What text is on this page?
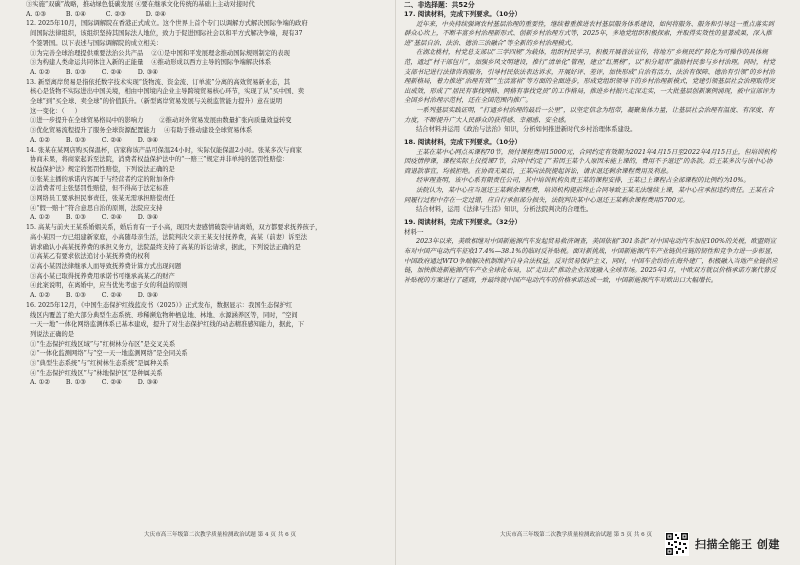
③实施“双碳”战略，推动绿色低碳发展 ④要在继承文化传统的基础上主动对接时代

A. ①③          B. ①④          C. ②③          D. ②④

12. 2025年10月，国际调解院在香港正式成立。这个世界上首个专门以调解方式解决国际争端的政府

间国际法律组织，该组织坚持其国际法人地位，致力于促进国际社会以和平方式解决争端，现有37

个签署国。以下表述与国际调解院的成立相关：

①为完善全球治理提供重要法治公共产品    ②①是中国和平发展理念推动国际规则制定的表现

③为构建人类命运共同体注入新的正能量    ④推动形成以西方主导的国际争端解决体系

A. ①②        B. ①③        C. ②④        D. ③④

13. 新型离岸贸易是指依托数字技术实现“货物流、资金流、订单流”分离的高效贸易新业态，其

核心是货物不实际进出中国关境，相由中国境内企业主导跨境贸易核心环节，实现了从“买中国、卖

全球”到“买全球、卖全球”的价值跃升。（新型离岸贸易发展与关税监管能力提升）意在说明

这一变化：（     ）

①进一步提升在全球贸易格局中的影响力        ②推动对外贸易发展由数量扩张向质量效益转变

③优化贸易流程提升了服务全球资源配置能力    ④有助于推动建设全球贸易体系

A. ①②        B. ①③        C. ②④        D. ③④

14. 张某在某网店购买保温杯，店家称该产品可保温24小时，实际仅能保温2小时。张某多次与商家

协商未果，将商家起诉至法院，消费者权益保护法中的“一赔三”规定并非单纯的惩罚性赔偿：

权益保护法》规定的惩罚性赔偿，下列说法正确的是

①张某主播的承诺内容属于与经营者约定的附加条件

②消费者可主张惩罚性赔偿，但不得高于法定标准

③网络员工要承担民事责任，张某无需承担赔偿责任

④“假一赔十”符合意思自治的原则，法院应支持

A. ①②        B. ①③        C. ②④        D. ③④

15. 高某与前夫王某系婚姻关系，婚后育有一子小高，现因夫妻感情破裂申请离婚，双方都要求抚养孩子，

高小某因一方已组建新家庭，小高随母亲生活，法院判决父亲王某支付抚养费，高某（前妻）诉至法

请求确认小高某抚养费的承担义务方，法院最终支持了高某的诉讼请求，据此，下列说法正确的是

①高某乙有要求依法追讨小某抚养费的权利

②高小某因法律继承人而导致抚养费计算方式出现问题

③高小某已取得抚养费用承诺书可继承高某乙的财产

④此案说明，在离婚中，应当优先考虑子女的利益的原则

A. ①②        B. ①③        C. ②④        D. ③④

16. 2025年12月，《中国生态保护红线蓝皮书（2025）》正式发布，数据显示：我国生态保护红

线区内覆盖了绝大部分典型生态系统、珍稀濒危物种栖息地、林地、水源涵养区等，同时，“空间

一天一地”一体化网络监测体系已基本建成，提升了对生态保护红线的动态精准感知能力，据此，下

列说法正确的是

①“生态保护红线区域”与“红树林分布区”是交叉关系

②“一体化监测网络”与“空一天一地监测网络”是全同关系

③“典型生态系统”与“红树林生态系统”是属种关系

④“生态保护红线区”与“林地保护区”是种属关系

A. ①②        B. ①③        C. ②④        D. ③④

大庆市高三年级第二次教学质量检测政治试题 第 4 页 共 6 页

二、非选择题：共52分

17. 阅读材料，完成下列要求。（10分）

近年来，中央持续强调农村基层治理的重要性，继续着重推进农村基层服务体系建设，如何将服务、服务和引导这一重点落实到群众心坎上，不断丰富乡村治理新形式、创新乡村治理方式等，2025年，多地党组织积极探索，并取得实效性的显著成果，深入推进“基层自治、法治、德治三治融合”等全新的乡村治理模式。

在湖北桃村，村党总支部以“三学四规”为载体，组织村民学习，积极开展普法宣传，将地方“乡规民约”转化为可操作的具体规范，通过“村干部包片”，加强乡风文明建设，推行“清单化”管理，建立“红黑榜”，以“积分超市”激励村民参与乡村治理。同时，村党支部书记进行法律咨询服务，引导村民依法表达诉求，开展好评、差评，加快形成“自治有活力、法治有保障、德治有引领”的乡村治理新格局，着力推进“治理有效”“生活富裕”等方面的全面进步，形成党组织领导下的乡村治理新模式，党建引领基层社会治理取得突出成效，形成了“居民有事找网格、网格有事找党员”的工作格局，推进乡村振兴走深走实，一大批基层创新案例涌现，被中宣部评为全国乡村治理示范村，还在全国范围内推广。

一系列基层实践证明，“打通乡村治理的最后一公里”，以坚定信念为纽带，凝聚集体力量，让基层社会治理有温度、有深度、有力度，不断提升广大人民群众的获得感、幸福感、安全感。

结合材料并运用《政治与法治》知识，分析如何推进新时代乡村治理体系建设。

18. 阅读材料，完成下列要求。（10分）

王某在某中心网点买课程70节，预付课程费用15000元，合同约定有效期为2021年4月15日至2022年4月15日止，但培训机构因疫情停课，课程实际上仅授课7节，合同中约定了“若因王某个人原因未能上课的，费用不予退还”的条款。后王某多次与该中心协商退款事宜，均被拒绝。在协商无果后，王某向法院提起诉讼，请求退还剩余课程费用及利息。

经审理查明，该中心系有限责任公司，其中培训机构负责王某的课程安排，王某已上课程占全部课程的比例约为10%。

法院认为，某中心应当退还王某剩余课程费，培训机构提前终止合同导致王某无法继续上课，某中心应承担违约责任。王某在合同履行过程中存在一定过错，应自行承担部分损失，法院判决某中心退还王某剩余课程费用5700元。

结合材料，运用《法律与生活》知识，分析法院判决的合理性。

19. 阅读材料，完成下列要求。（32分）

材料一

2023年以来，美欧相继对中国新能源汽车发起贸易救济调查，美国依据“301条款”对中国电动汽车加征100%的关税，欧盟则宣布对中国产电动汽车征收17.4%—38.1%的临时反补贴税。面对新挑战，中国新能源汽车产业链供应链的韧性和竞争力进一步彰显，中国政府通过WTO争端解决机制维护自身合法权益，反对贸易保护主义，同时，中国车企纷纷在海外建厂，积极融入当地产业链供应链，加快推进新能源汽车产业全球化布局，以“走出去”推动企业深度融入全球市场。2025年1月，中欧双方就以价格承诺方案代替反补贴税的方案进行了磋商，并最终就中国产电动汽车的价格承诺达成一致，中国新能源汽车对欧出口大幅增长。

大庆市高三年级第二次教学质量检测政治试题 第 5 页 共 6 页
扫描全能王 创建
